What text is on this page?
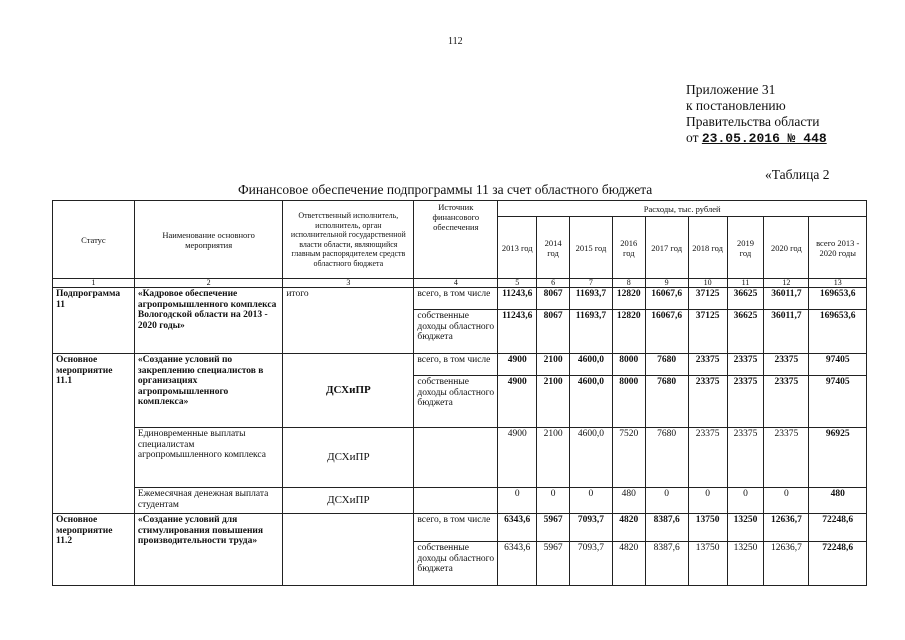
112
Приложение 31
к постановлению
Правительства области
от 23.05.2016 № 448
«Таблица 2
Финансовое обеспечение подпрограммы 11 за счет областного бюджета
Статус	Наименование основного мероприятия	Ответственный исполнитель, исполнитель, орган исполнительной государственной власти области, являющийся главным распорядителем средств областного бюджета	Источник финансового обеспечения	Расходы, тыс. рублей								
				2013 год	2014 год	2015 год	2016 год	2017 год	2018 год	2019 год	2020 год	всего 2013 - 2020 годы
1	2	3	4	5	6	7	8	9	10	11	12	13
Подпрограмма 11	«Кадровое обеспечение агропромышленного комплекса Вологодской области на 2013 - 2020 годы»	итого	всего, в том числе	11243,6	8067	11693,7	12820	16067,6	37125	36625	36011,7	169653,6
			собственные доходы областного бюджета	11243,6	8067	11693,7	12820	16067,6	37125	36625	36011,7	169653,6
Основное мероприятие 11.1	«Создание условий по закреплению специалистов в организациях агропромышленного комплекса»	ДСХиПР	всего, в том числе	4900	2100	4600,0	8000	7680	23375	23375	23375	97405
			собственные доходы областного бюджета	4900	2100	4600,0	8000	7680	23375	23375	23375	97405
	Единовременные выплаты специалистам агропромышленного комплекса	ДСХиПР		4900	2100	4600,0	7520	7680	23375	23375	23375	96925
	Ежемесячная денежная выплата студентам	ДСХиПР		0	0	0	480	0	0	0	0	480
Основное мероприятие 11.2	«Создание условий для стимулирования повышения производительности труда»		всего, в том числе	6343,6	5967	7093,7	4820	8387,6	13750	13250	12636,7	72248,6
			собственные доходы областного бюджета	6343,6	5967	7093,7	4820	8387,6	13750	13250	12636,7	72248,6
